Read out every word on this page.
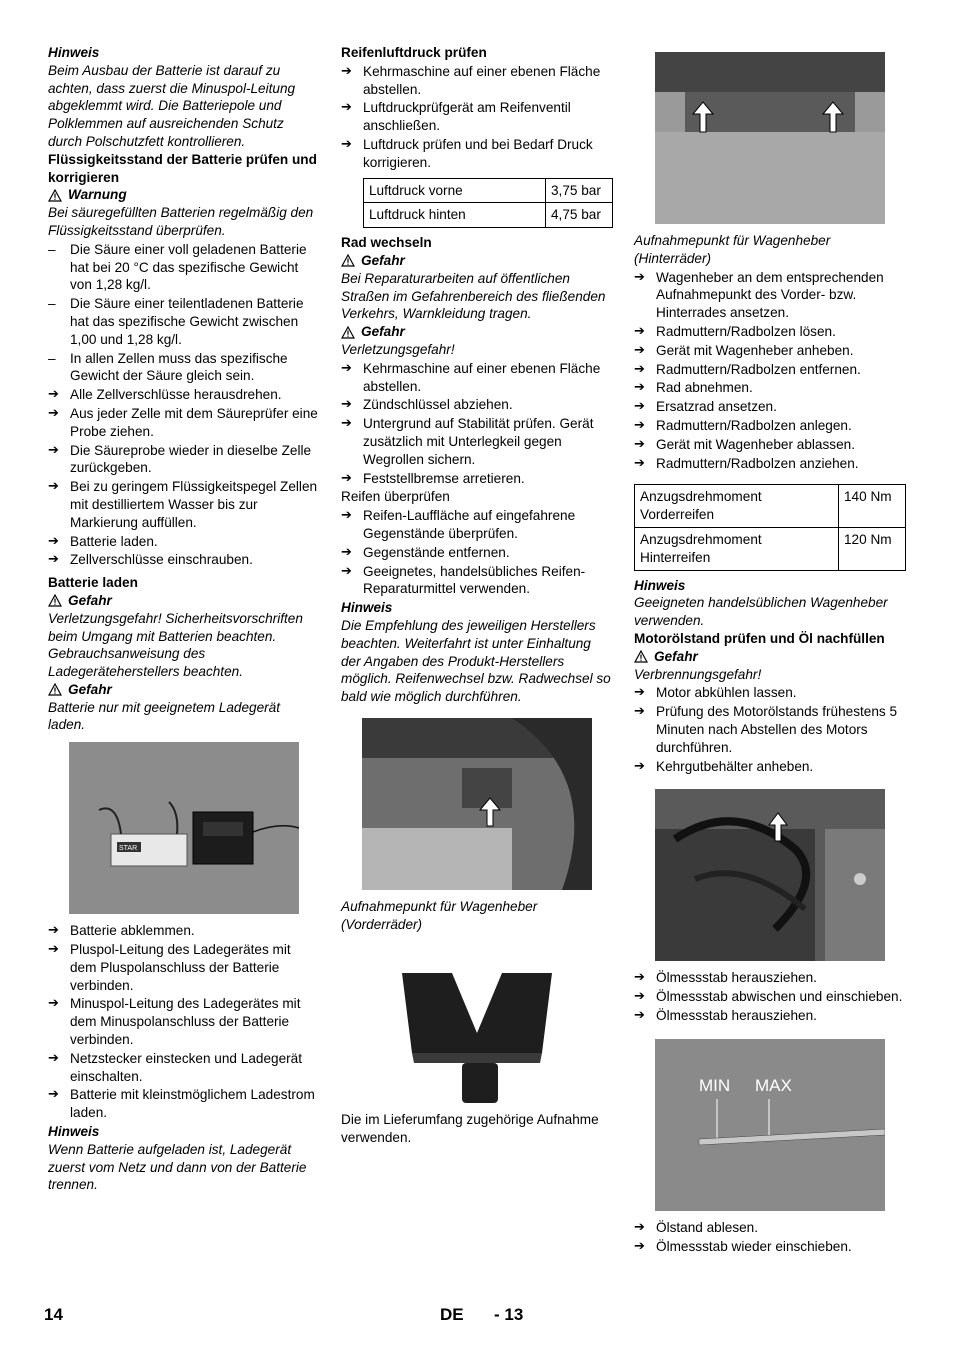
Hinweis

Beim Ausbau der Batterie ist darauf zu achten, dass zuerst die Minuspol-Leitung abgeklemmt wird. Die Batteriepole und Polklemmen auf ausreichenden Schutz durch Polschutzfett kontrollieren.

Flüssigkeitsstand der Batterie prüfen und korrigieren

Warnung

Bei säuregefüllten Batterien regelmäßig den Flüssigkeitsstand überprüfen.

– Die Säure einer voll geladenen Batterie hat bei 20 °C das spezifische Gewicht von 1,28 kg/l.
– Die Säure einer teilentladenen Batterie hat das spezifische Gewicht zwischen 1,00 und 1,28 kg/l.
– In allen Zellen muss das spezifische Gewicht der Säure gleich sein.
➔ Alle Zellverschlüsse herausdrehen.
➔ Aus jeder Zelle mit dem Säureprüfer eine Probe ziehen.
➔ Die Säureprobe wieder in dieselbe Zelle zurückgeben.
➔ Bei zu geringem Flüssigkeitspegel Zellen mit destilliertem Wasser bis zur Markierung auffüllen.
➔ Batterie laden.
➔ Zellverschlüsse einschrauben.

Batterie laden

Gefahr

Verletzungsgefahr! Sicherheitsvorschriften beim Umgang mit Batterien beachten. Gebrauchsanweisung des Ladegeräteherstellers beachten.

Gefahr

Batterie nur mit geeignetem Ladegerät laden.

STAR
➔ Batterie abklemmen.
➔ Pluspol-Leitung des Ladegerätes mit dem Pluspolanschluss der Batterie verbinden.
➔ Minuspol-Leitung des Ladegerätes mit dem Minuspolanschluss der Batterie verbinden.
➔ Netzstecker einstecken und Ladegerät einschalten.
➔ Batterie mit kleinstmöglichem Ladestrom laden.

Hinweis

Wenn Batterie aufgeladen ist, Ladegerät zuerst vom Netz und dann von der Batterie trennen.

Reifenluftdruck prüfen

➔ Kehrmaschine auf einer ebenen Fläche abstellen.
➔ Luftdruckprüfgerät am Reifenventil anschließen.
➔ Luftdruck prüfen und bei Bedarf Druck korrigieren.
Luftdruck vorne	3,75 bar
Luftdruck hinten	4,75 bar

Rad wechseln

Gefahr

Bei Reparaturarbeiten auf öffentlichen Straßen im Gefahrenbereich des fließenden Verkehrs, Warnkleidung tragen.

Gefahr

Verletzungsgefahr!

➔ Kehrmaschine auf einer ebenen Fläche abstellen.
➔ Zündschlüssel abziehen.
➔ Untergrund auf Stabilität prüfen. Gerät zusätzlich mit Unterlegkeil gegen Wegrollen sichern.
➔ Feststellbremse arretieren.

Reifen überprüfen

➔ Reifen-Lauffläche auf eingefahrene Gegenstände überprüfen.
➔ Gegenstände entfernen.
➔ Geeignetes, handelsübliches Reifen-Reparaturmittel verwenden.

Hinweis

Die Empfehlung des jeweiligen Herstellers beachten. Weiterfahrt ist unter Einhaltung der Angaben des Produkt-Herstellers möglich. Reifenwechsel bzw. Radwechsel so bald wie möglich durchführen.

Aufnahmepunkt für Wagenheber (Vorderräder)

Die im Lieferumfang zugehörige Aufnahme verwenden.

Aufnahmepunkt für Wagenheber (Hinterräder)

➔ Wagenheber an dem entsprechenden Aufnahmepunkt des Vorder- bzw. Hinterrades ansetzen.
➔ Radmuttern/Radbolzen lösen.
➔ Gerät mit Wagenheber anheben.
➔ Radmuttern/Radbolzen entfernen.
➔ Rad abnehmen.
➔ Ersatzrad ansetzen.
➔ Radmuttern/Radbolzen anlegen.
➔ Gerät mit Wagenheber ablassen.
➔ Radmuttern/Radbolzen anziehen.
Anzugsdrehmoment Vorderreifen	140 Nm
Anzugsdrehmoment Hinterreifen	120 Nm

Hinweis

Geeigneten handelsüblichen Wagenheber verwenden.

Motorölstand prüfen und Öl nachfüllen

Gefahr

Verbrennungsgefahr!

➔ Motor abkühlen lassen.
➔ Prüfung des Motorölstands frühestens 5 Minuten nach Abstellen des Motors durchführen.
➔ Kehrgutbehälter anheben.
➔ Ölmessstab herausziehen.
➔ Ölmessstab abwischen und einschieben.
➔ Ölmessstab herausziehen.
MIN MAX
➔ Ölstand ablesen.
➔ Ölmessstab wieder einschieben.
14	DE - 13
